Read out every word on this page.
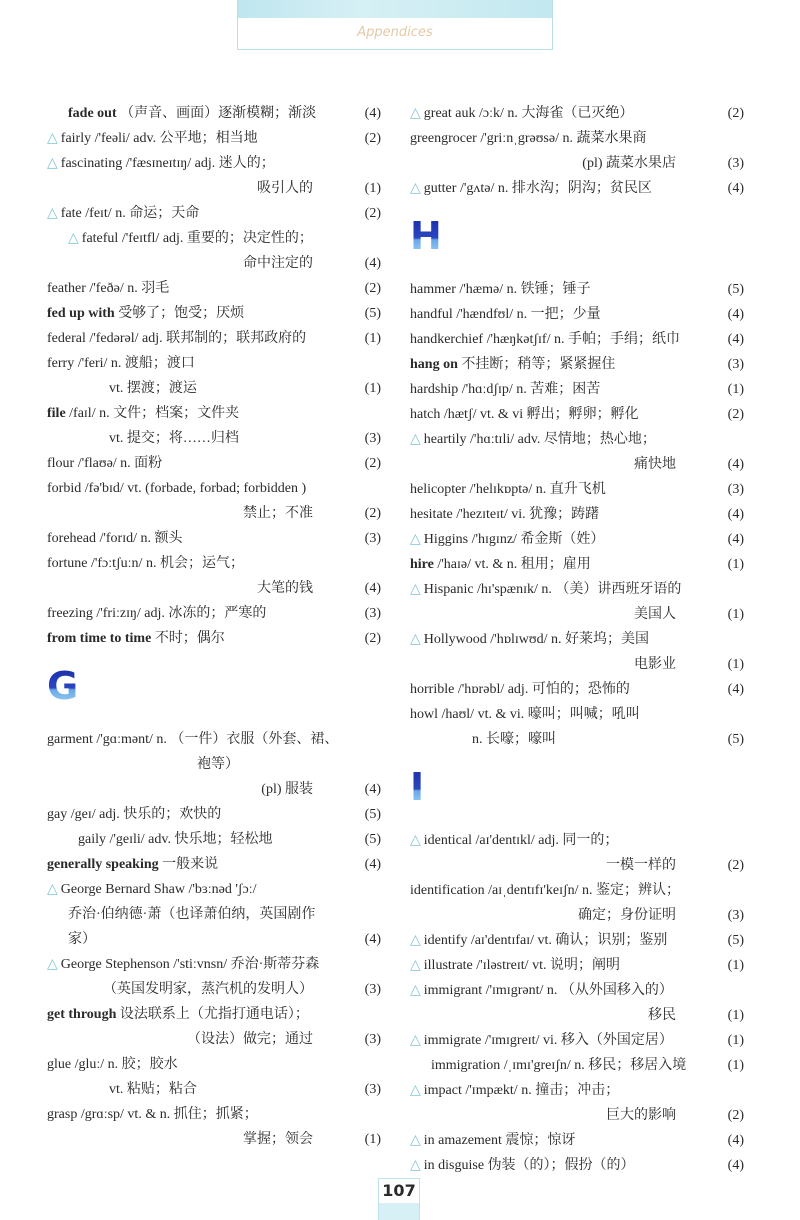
Appendices
fade out （声音、画面）逐渐模糊；渐淡	(4)
△ fairly /'feəli/ adv. 公平地；相当地	(2)
△ fascinating /'fæsɪneɪtɪŋ/ adj. 迷人的；
吸引人的	(1)
△ fate /feɪt/ n. 命运；天命	(2)
△ fateful /'feɪtfl/ adj. 重要的；决定性的；
命中注定的	(4)
feather /'feðə/ n. 羽毛	(2)
fed up with 受够了；饱受；厌烦	(5)
federal /'fedərəl/ adj. 联邦制的；联邦政府的	(1)
ferry /'feri/ n. 渡船；渡口
vt. 摆渡；渡运	(1)
file /faɪl/ n. 文件；档案；文件夹
vt. 提交；将……归档	(3)
flour /'flaʊə/ n. 面粉	(2)
forbid /fə'bɪd/ vt. (forbade, forbad; forbidden )
禁止；不准	(2)
forehead /'forɪd/ n. 额头	(3)
fortune /'fɔːtʃuːn/ n. 机会；运气；
大笔的钱	(4)
freezing /'friːzɪŋ/ adj. 冰冻的；严寒的	(3)
from time to time 不时；偶尔	(2)
G
garment /'gɑːmənt/ n. （一件）衣服（外套、裙、
袍等）
(pl) 服装	(4)
gay /geɪ/ adj. 快乐的；欢快的	(5)
gaily /'geɪli/ adv. 快乐地；轻松地	(5)
generally speaking 一般来说	(4)
△ George Bernard Shaw /'bɜːnəd 'ʃɔː/
乔治·伯纳德·萧（也译萧伯纳，英国剧作
家）	(4)
△ George Stephenson /'stiːvnsn/ 乔治·斯蒂芬森
（英国发明家，蒸汽机的发明人）	(3)
get through 设法联系上（尤指打通电话）；
（设法）做完；通过	(3)
glue /gluː/ n. 胶；胶水
vt. 粘贴；粘合	(3)
grasp /grɑːsp/ vt. & n. 抓住；抓紧；
掌握；领会	(1)
△ great auk /ɔːk/ n. 大海雀（已灭绝）	(2)
greengrocer /'griːnˌgrəʊsə/ n. 蔬菜水果商
(pl) 蔬菜水果店	(3)
△ gutter /'gʌtə/ n. 排水沟；阴沟；贫民区	(4)
H
hammer /'hæmə/ n. 铁锤；锤子	(5)
handful /'hændfʊl/ n. 一把；少量	(4)
handkerchief /'hæŋkətʃɪf/ n. 手帕；手绢；纸巾	(4)
hang on 不挂断；稍等；紧紧握住	(3)
hardship /'hɑːdʃɪp/ n. 苦难；困苦	(1)
hatch /hætʃ/ vt. & vi 孵出；孵卵；孵化	(2)
△ heartily /'hɑːtɪli/ adv. 尽情地；热心地；
痛快地	(4)
helicopter /'helɪkɒptə/ n. 直升飞机	(3)
hesitate /'hezɪteɪt/ vi. 犹豫；踌躇	(4)
△ Higgins /'hɪgɪnz/ 希金斯（姓）	(4)
hire /'haɪə/ vt. & n. 租用；雇用	(1)
△ Hispanic /hɪ'spænɪk/ n. （美）讲西班牙语的
美国人	(1)
△ Hollywood /'hɒlɪwʊd/ n. 好莱坞；美国
电影业	(1)
horrible /'hɒrəbl/ adj. 可怕的；恐怖的	(4)
howl /haʊl/ vt. & vi. 嚎叫；叫喊；吼叫
n. 长嚎；嚎叫	(5)
I
△ identical /aɪ'dentɪkl/ adj. 同一的；
一模一样的	(2)
identification /aɪˌdentɪfɪ'keɪʃn/ n. 鉴定；辨认；
确定；身份证明	(3)
△ identify /aɪ'dentɪfaɪ/ vt. 确认；识别；鉴别	(5)
△ illustrate /'ɪləstreɪt/ vt. 说明；阐明	(1)
△ immigrant /'ɪmɪgrənt/ n. （从外国移入的）
移民	(1)
△ immigrate /'ɪmɪgreɪt/ vi. 移入（外国定居）	(1)
immigration /ˌɪmɪ'greɪʃn/ n. 移民；移居入境	(1)
△ impact /'ɪmpækt/ n. 撞击；冲击；
巨大的影响	(2)
△ in amazement 震惊；惊讶	(4)
△ in disguise 伪装（的）；假扮（的）	(4)
107
